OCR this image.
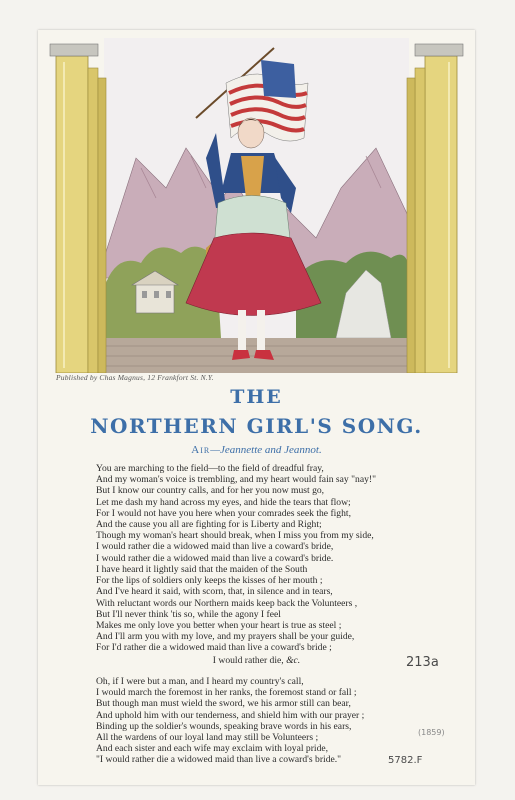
Published by Chas Magnus, 12 Frankfort St. N.Y.
THE
NORTHERN GIRL'S SONG.
Air—Jeannette and Jeannot.
You are marching to the field—to the field of dreadful fray,
And my woman's voice is trembling, and my heart would fain say "nay!"
But I know our country calls, and for her you now must go,
Let me dash my hand across my eyes, and hide the tears that flow;
For I would not have you here when your comrades seek the fight,
And the cause you all are fighting for is Liberty and Right;
Though my woman's heart should break, when I miss you from my side,
I would rather die a widowed maid than live a coward's bride,
I would rather die a widowed maid than live a coward's bride.
I have heard it lightly said that the maiden of the South
For the lips of soldiers only keeps the kisses of her mouth ;
And I've heard it said, with scorn, that, in silence and in tears,
With reluctant words our Northern maids keep back the Volunteers ,
But I'll never think 'tis so, while the agony I feel
Makes me only love you better when your heart is true as steel ;
And I'll arm you with my love, and my prayers shall be your guide,
For I'd rather die a widowed maid than live a coward's bride ;
I would rather die, &c.
Oh, if I were but a man, and I heard my country's call,
I would march the foremost in her ranks, the foremost stand or fall ;
But though man must wield the sword, we his armor still can bear,
And uphold him with our tenderness, and shield him with our prayer ;
Binding up the soldier's wounds, speaking brave words in his ears,
All the wardens of our loyal land may still be Volunteers ;
And each sister and each wife may exclaim with loyal pride,
"I would rather die a widowed maid than live a coward's bride."
213a
(1859)
5782.F
